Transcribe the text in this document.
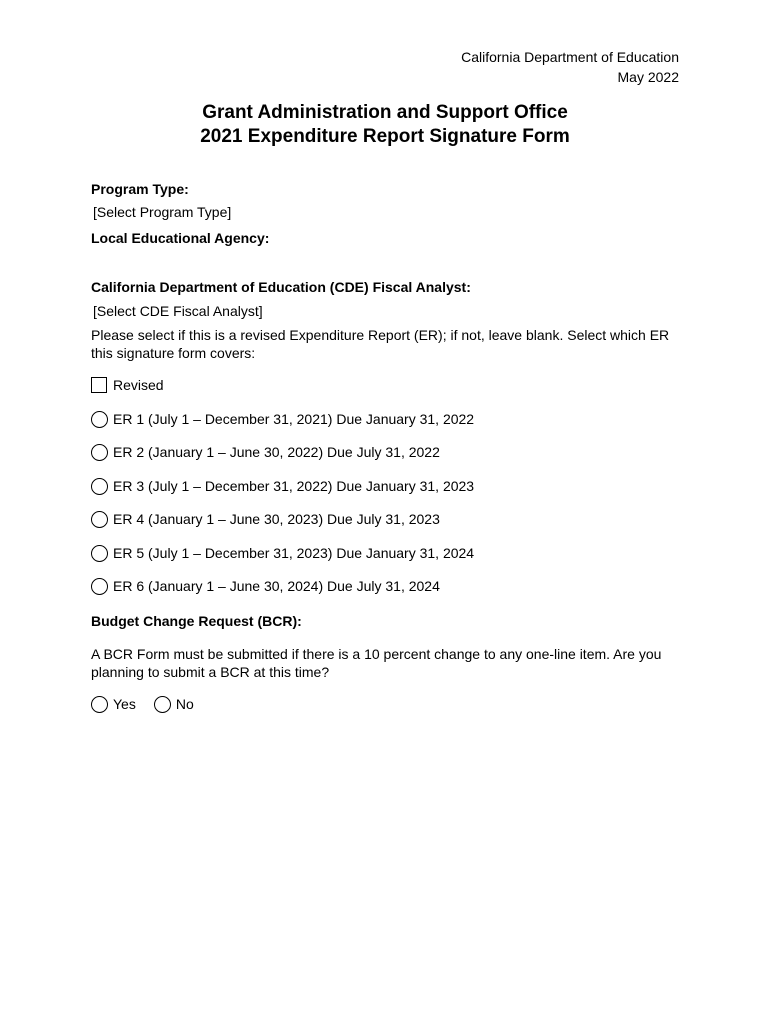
California Department of Education
May 2022
Grant Administration and Support Office
2021 Expenditure Report Signature Form
Program Type:
[Select Program Type]
Local Educational Agency:
California Department of Education (CDE) Fiscal Analyst:
[Select CDE Fiscal Analyst]
Please select if this is a revised Expenditure Report (ER); if not, leave blank. Select which ER this signature form covers:
Revised
ER 1 (July 1 – December 31, 2021) Due January 31, 2022
ER 2 (January 1 – June 30, 2022) Due July 31, 2022
ER 3 (July 1 – December 31, 2022) Due January 31, 2023
ER 4 (January 1 – June 30, 2023) Due July 31, 2023
ER 5 (July 1 – December 31, 2023) Due January 31, 2024
ER 6 (January 1 – June 30, 2024) Due July 31, 2024
Budget Change Request (BCR):
A BCR Form must be submitted if there is a 10 percent change to any one-line item. Are you planning to submit a BCR at this time?
Yes	No
